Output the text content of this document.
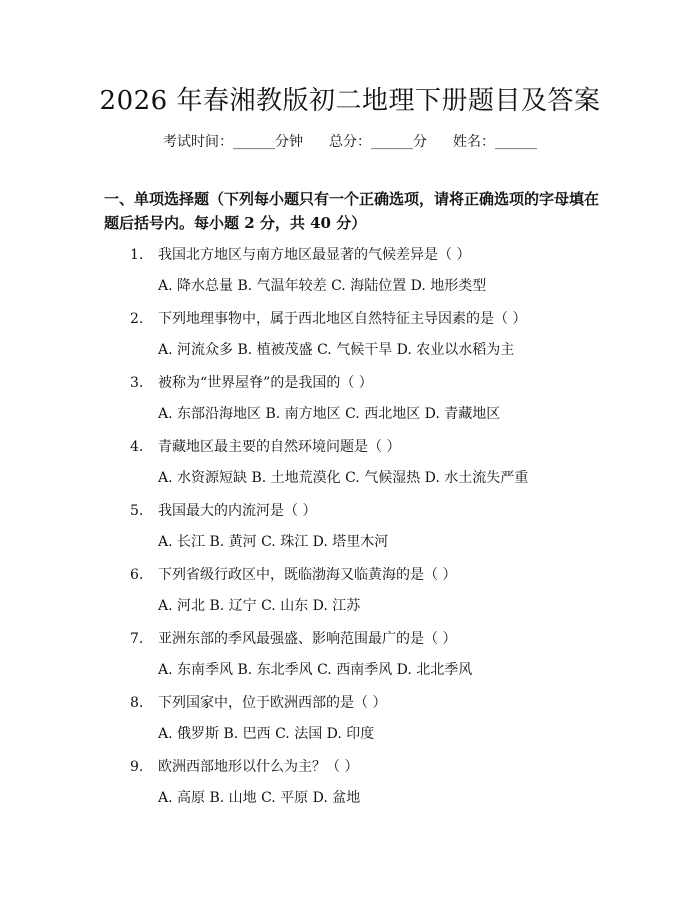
2026 年春湘教版初二地理下册题目及答案
考试时间：______分钟 总分：______分 姓名：______
一、单项选择题（下列每小题只有一个正确选项，请将正确选项的字母填在题后括号内。每小题 2 分，共 40 分）
1. 我国北方地区与南方地区最显著的气候差异是（ ）
A. 降水总量 B. 气温年较差 C. 海陆位置 D. 地形类型
2. 下列地理事物中，属于西北地区自然特征主导因素的是（ ）
A. 河流众多 B. 植被茂盛 C. 气候干旱 D. 农业以水稻为主
3. 被称为“世界屋脊”的是我国的（ ）
A. 东部沿海地区 B. 南方地区 C. 西北地区 D. 青藏地区
4. 青藏地区最主要的自然环境问题是（ ）
A. 水资源短缺 B. 土地荒漠化 C. 气候湿热 D. 水土流失严重
5. 我国最大的内流河是（ ）
A. 长江 B. 黄河 C. 珠江 D. 塔里木河
6. 下列省级行政区中，既临渤海又临黄海的是（ ）
A. 河北 B. 辽宁 C. 山东 D. 江苏
7. 亚洲东部的季风最强盛、影响范围最广的是（ ）
A. 东南季风 B. 东北季风 C. 西南季风 D. 北北季风
8. 下列国家中，位于欧洲西部的是（ ）
A. 俄罗斯 B. 巴西 C. 法国 D. 印度
9. 欧洲西部地形以什么为主？（ ）
A. 高原 B. 山地 C. 平原 D. 盆地
